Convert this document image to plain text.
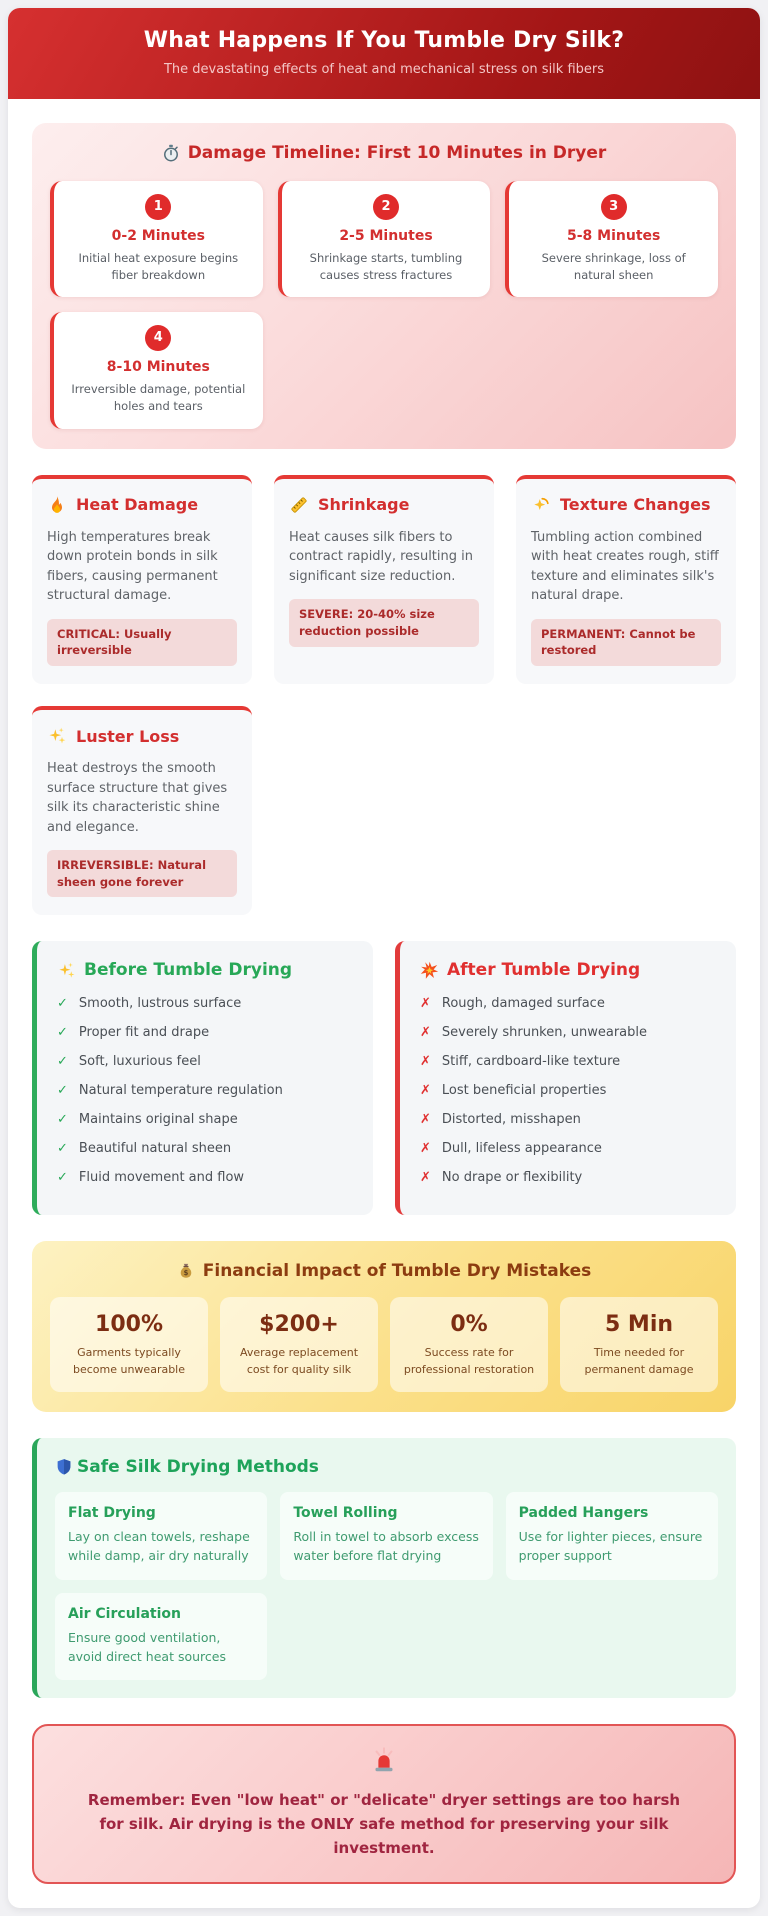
What Happens If You Tumble Dry Silk?

The devastating effects of heat and mechanical stress on silk fibers

Damage Timeline: First 10 Minutes in Dryer
1
0-2 Minutes
Initial heat exposure begins fiber breakdown
2
2-5 Minutes
Shrinkage starts, tumbling causes stress fractures
3
5-8 Minutes
Severe shrinkage, loss of natural sheen
4
8-10 Minutes
Irreversible damage, potential holes and tears
Heat Damage

High temperatures break down protein bonds in silk fibers, causing permanent structural damage.

CRITICAL: Usually irreversible
Shrinkage

Heat causes silk fibers to contract rapidly, resulting in significant size reduction.

SEVERE: 20-40% size reduction possible
Texture Changes

Tumbling action combined with heat creates rough, stiff texture and eliminates silk's natural drape.

PERMANENT: Cannot be restored
Luster Loss

Heat destroys the smooth surface structure that gives silk its characteristic shine and elegance.

IRREVERSIBLE: Natural sheen gone forever
Before Tumble Drying
✓ Smooth, lustrous surface
✓ Proper fit and drape
✓ Soft, luxurious feel
✓ Natural temperature regulation
✓ Maintains original shape
✓ Beautiful natural sheen
✓ Fluid movement and flow
After Tumble Drying
✗ Rough, damaged surface
✗ Severely shrunken, unwearable
✗ Stiff, cardboard-like texture
✗ Lost beneficial properties
✗ Distorted, misshapen
✗ Dull, lifeless appearance
✗ No drape or flexibility
$ Financial Impact of Tumble Dry Mistakes
100%
Garments typically become unwearable
$200+
Average replacement cost for quality silk
0%
Success rate for professional restoration
5 Min
Time needed for permanent damage
Safe Silk Drying Methods
Flat Drying
Lay on clean towels, reshape while damp, air dry naturally
Towel Rolling
Roll in towel to absorb excess water before flat drying
Padded Hangers
Use for lighter pieces, ensure proper support
Air Circulation
Ensure good ventilation, avoid direct heat sources

Remember: Even "low heat" or "delicate" dryer settings are too harsh for silk. Air drying is the ONLY safe method for preserving your silk investment.
